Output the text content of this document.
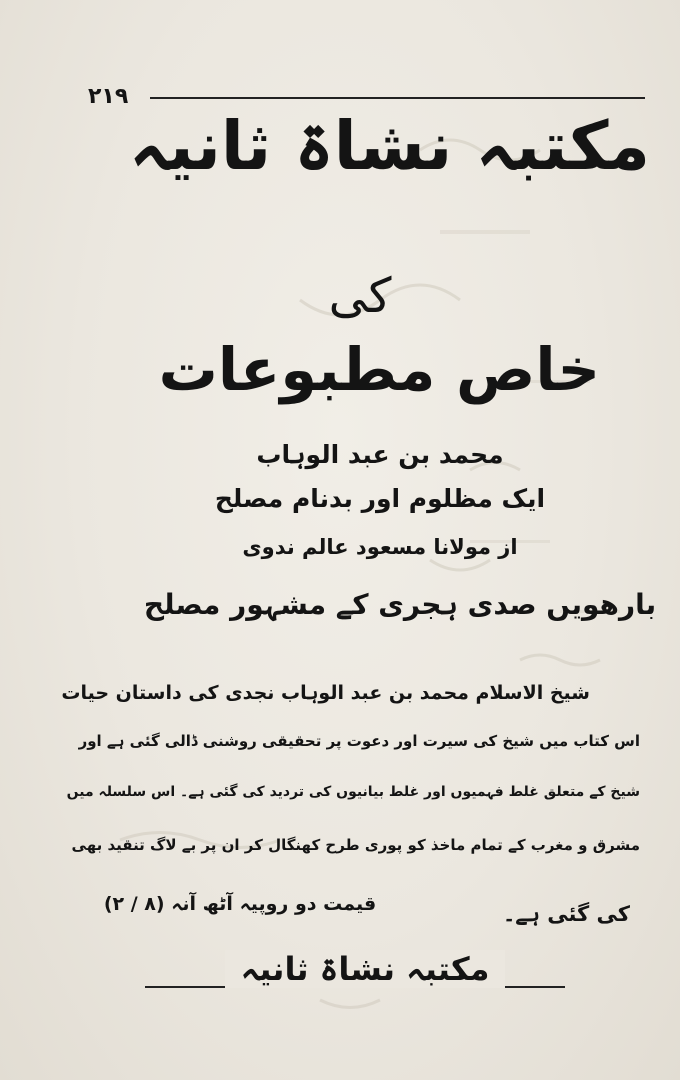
۲۱۹
مکتبہ نشاۃ ثانیہ
کی
خاص مطبوعات
محمد بن عبد الوہاب
ایک مظلوم اور بدنام مصلح
از مولانا مسعود عالم ندوی
بارھویں صدی ہجری کے مشہور مصلح
شیخ الاسلام محمد بن عبد الوہاب نجدی کی داستان حیات
اس کتاب میں شیخ کی سیرت اور دعوت پر تحقیقی روشنی ڈالی گئی ہے اور
شیخ کے متعلق غلط فہمیوں اور غلط بیانیوں کی تردید کی گئی ہے۔ اس سلسلہ میں
مشرق و مغرب کے تمام ماخذ کو پوری طرح کھنگال کر ان پر بے لاگ تنقید بھی
قیمت دو روپیہ آٹھ آنہ (۸ / ۲)	کی گئی ہے۔
مکتبہ نشاۃ ثانیہ
